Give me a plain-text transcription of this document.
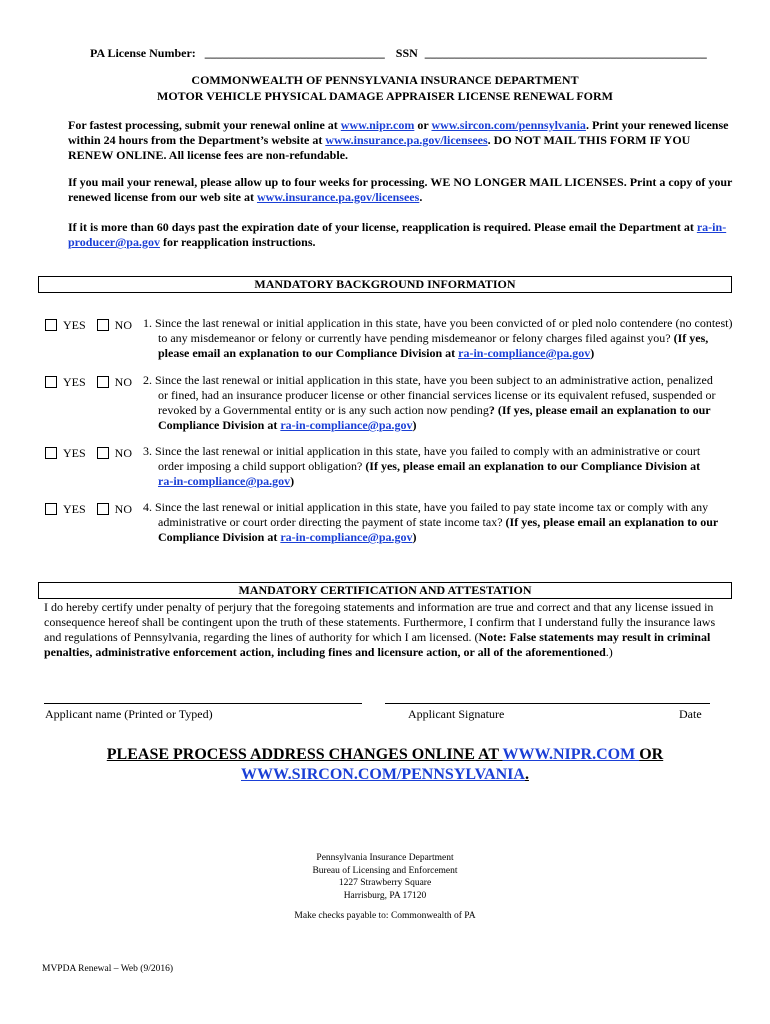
PA License Number: ______________________________ SSN _______________________________________________
COMMONWEALTH OF PENNSYLVANIA INSURANCE DEPARTMENT
MOTOR VEHICLE PHYSICAL DAMAGE APPRAISER LICENSE RENEWAL FORM
For fastest processing, submit your renewal online at www.nipr.com or www.sircon.com/pennsylvania. Print your renewed license within 24 hours from the Department’s website at www.insurance.pa.gov/licensees. DO NOT MAIL THIS FORM IF YOU RENEW ONLINE. All license fees are non-refundable.
If you mail your renewal, please allow up to four weeks for processing. WE NO LONGER MAIL LICENSES. Print a copy of your renewed license from our web site at www.insurance.pa.gov/licensees.
If it is more than 60 days past the expiration date of your license, reapplication is required. Please email the Department at ra-in-producer@pa.gov for reapplication instructions.
MANDATORY BACKGROUND INFORMATION
YES NO 1. Since the last renewal or initial application in this state, have you been convicted of or pled nolo contendere (no contest) to any misdemeanor or felony or currently have pending misdemeanor or felony charges filed against you? (If yes, please email an explanation to our Compliance Division at ra-in-compliance@pa.gov)
YES NO 2. Since the last renewal or initial application in this state, have you been subject to an administrative action, penalized or fined, had an insurance producer license or other financial services license or its equivalent refused, suspended or revoked by a Governmental entity or is any such action now pending? (If yes, please email an explanation to our Compliance Division at ra-in-compliance@pa.gov)
YES NO 3. Since the last renewal or initial application in this state, have you failed to comply with an administrative or court order imposing a child support obligation? (If yes, please email an explanation to our Compliance Division at ra-in-compliance@pa.gov)
YES NO 4. Since the last renewal or initial application in this state, have you failed to pay state income tax or comply with any administrative or court order directing the payment of state income tax? (If yes, please email an explanation to our Compliance Division at ra-in-compliance@pa.gov)
MANDATORY CERTIFICATION AND ATTESTATION
I do hereby certify under penalty of perjury that the foregoing statements and information are true and correct and that any license issued in consequence hereof shall be contingent upon the truth of these statements. Furthermore, I confirm that I understand fully the insurance laws and regulations of Pennsylvania, regarding the lines of authority for which I am licensed. (Note: False statements may result in criminal penalties, administrative enforcement action, including fines and licensure action, or all of the aforementioned.)
Applicant name (Printed or Typed)	Applicant Signature	Date
PLEASE PROCESS ADDRESS CHANGES ONLINE AT WWW.NIPR.COM OR
WWW.SIRCON.COM/PENNSYLVANIA.
Pennsylvania Insurance Department
Bureau of Licensing and Enforcement
1227 Strawberry Square
Harrisburg, PA 17120
Make checks payable to: Commonwealth of PA
MVPDA Renewal – Web (9/2016)
